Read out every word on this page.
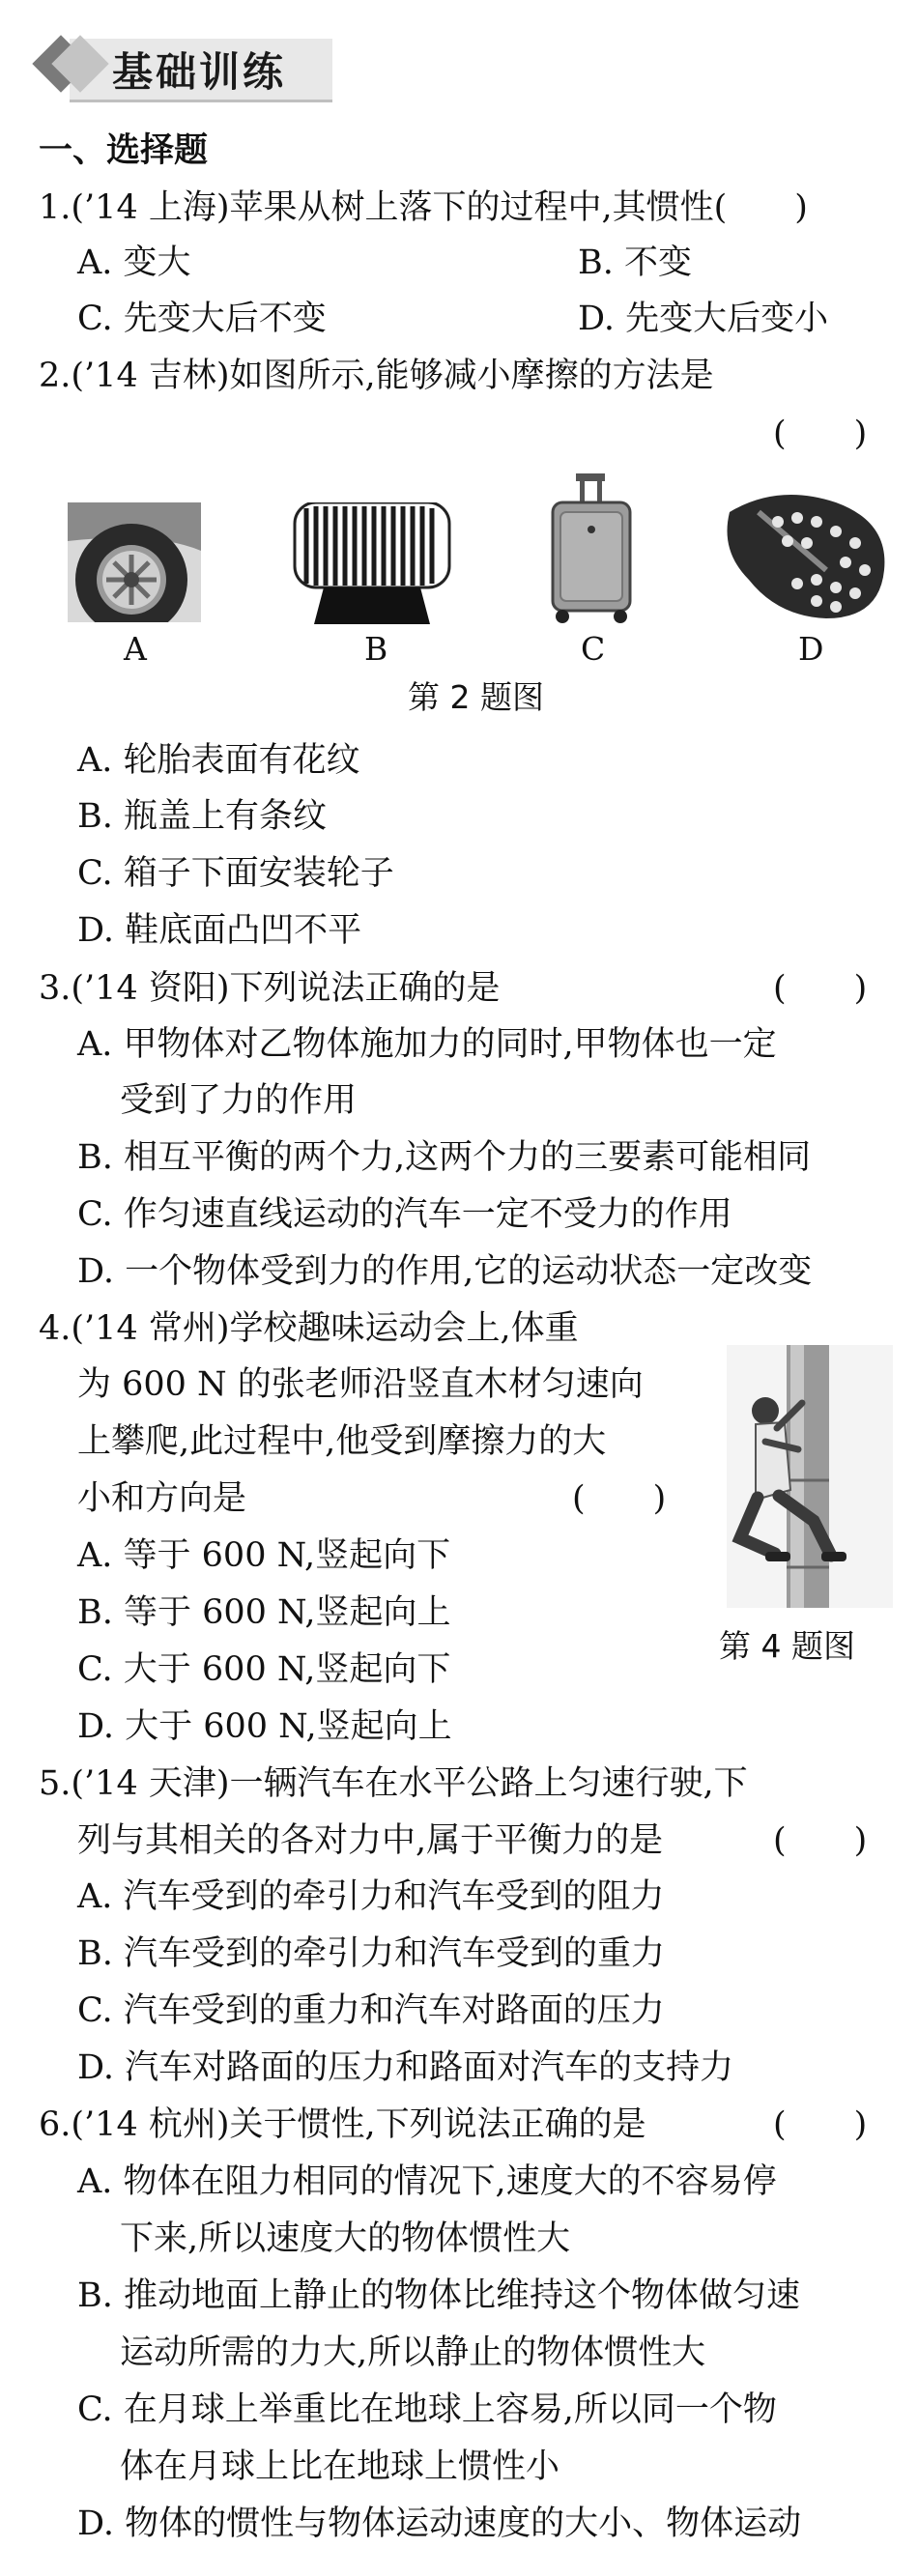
基础训练
一、选择题
1.(’14 上海)苹果从树上落下的过程中,其惯性(　　)
A. 变大	B. 不变
C. 先变大后不变	D. 先变大后变小
2.(’14 吉林)如图所示,能够减小摩擦的方法是
(　　)
A	B	C	D
第 2 题图
A. 轮胎表面有花纹
B. 瓶盖上有条纹
C. 箱子下面安装轮子
D. 鞋底面凸凹不平
3.(’14 资阳)下列说法正确的是	(　　)
A. 甲物体对乙物体施加力的同时,甲物体也一定
受到了力的作用
B. 相互平衡的两个力,这两个力的三要素可能相同
C. 作匀速直线运动的汽车一定不受力的作用
D. 一个物体受到力的作用,它的运动状态一定改变
4.(’14 常州)学校趣味运动会上,体重
为 600 N 的张老师沿竖直木材匀速向
上攀爬,此过程中,他受到摩擦力的大
小和方向是	(　　)
A. 等于 600 N,竖起向下
B. 等于 600 N,竖起向上
C. 大于 600 N,竖起向下
D. 大于 600 N,竖起向上
第 4 题图
5.(’14 天津)一辆汽车在水平公路上匀速行驶,下
列与其相关的各对力中,属于平衡力的是	(　　)
A. 汽车受到的牵引力和汽车受到的阻力
B. 汽车受到的牵引力和汽车受到的重力
C. 汽车受到的重力和汽车对路面的压力
D. 汽车对路面的压力和路面对汽车的支持力
6.(’14 杭州)关于惯性,下列说法正确的是	(　　)
A. 物体在阻力相同的情况下,速度大的不容易停
下来,所以速度大的物体惯性大
B. 推动地面上静止的物体比维持这个物体做匀速
运动所需的力大,所以静止的物体惯性大
C. 在月球上举重比在地球上容易,所以同一个物
体在月球上比在地球上惯性小
D. 物体的惯性与物体运动速度的大小、物体运动
